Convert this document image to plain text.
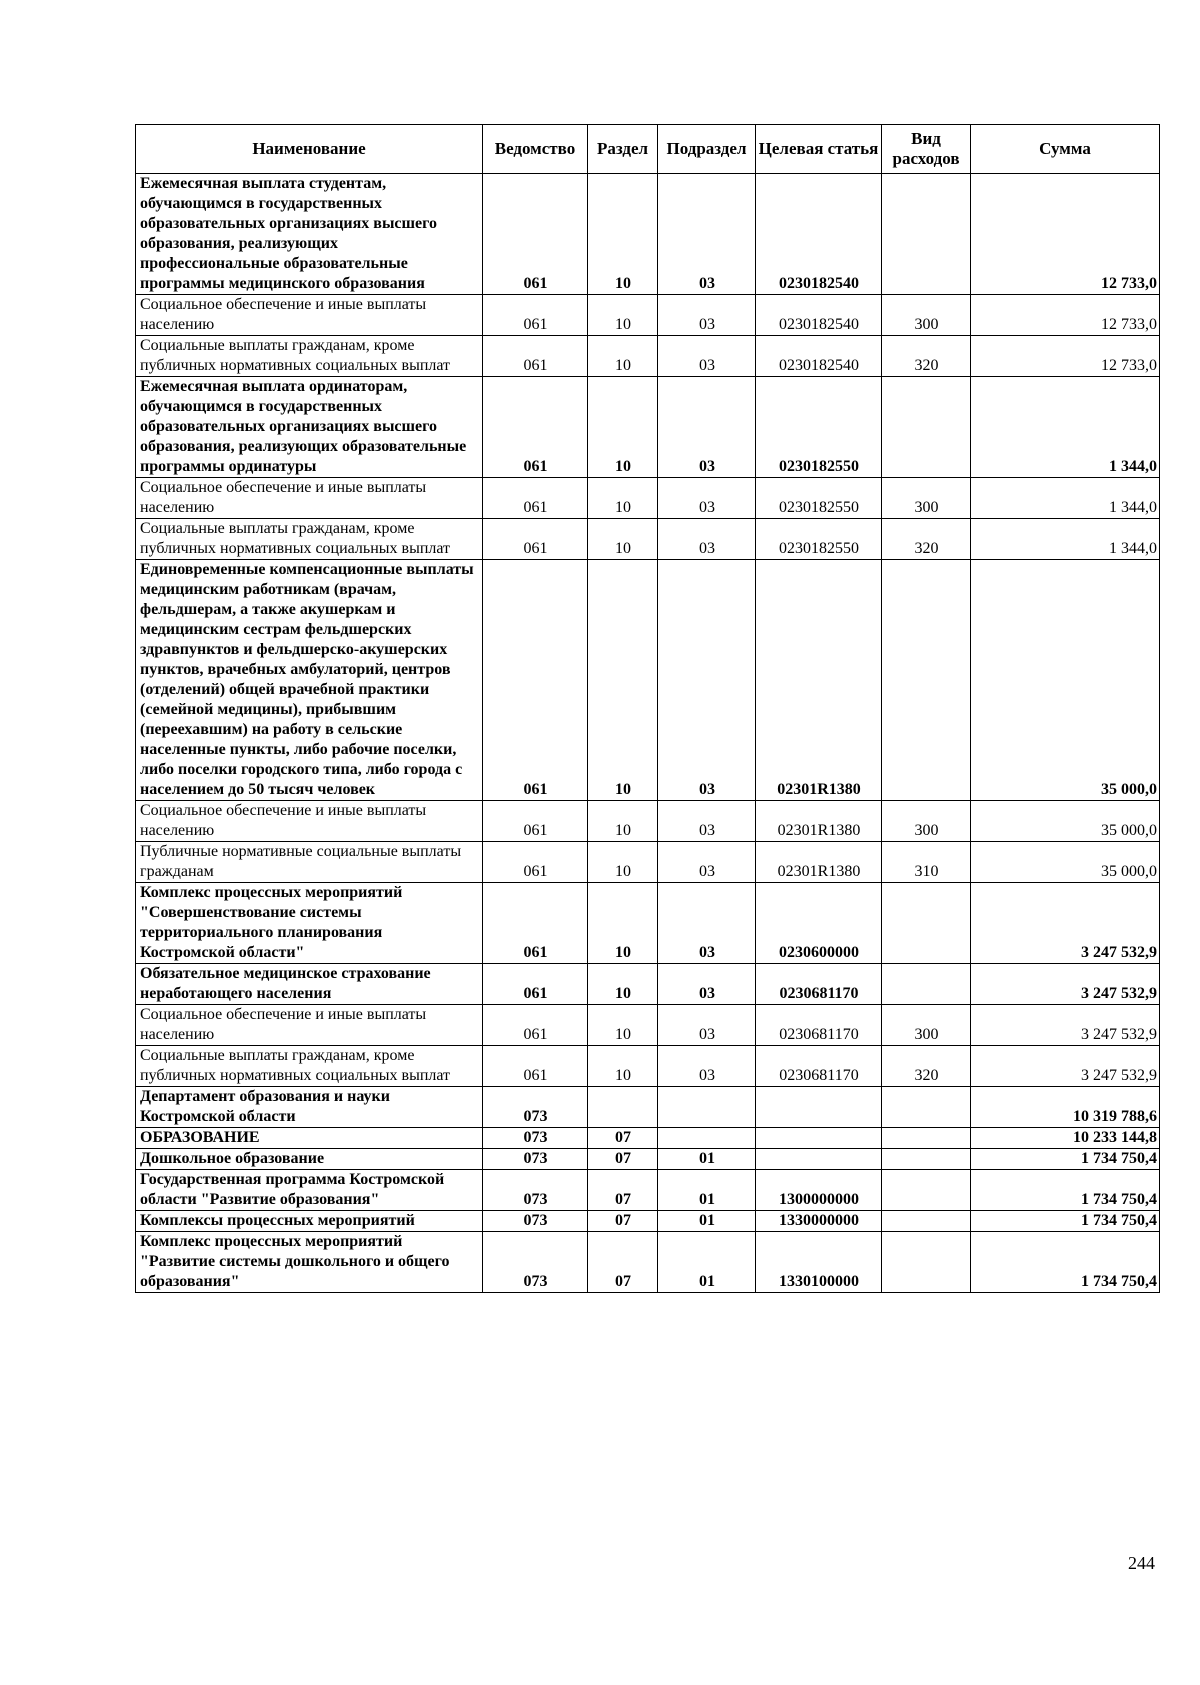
Наименование	Ведомство	Раздел	Подраздел	Целевая статья	Вид расходов	Сумма
Ежемесячная выплата студентам, обучающимся в государственных образовательных организациях высшего образования, реализующих профессиональные образовательные программы медицинского образования	061	10	03	0230182540		12 733,0
Социальное обеспечение и иные выплаты населению	061	10	03	0230182540	300	12 733,0
Социальные выплаты гражданам, кроме публичных нормативных социальных выплат	061	10	03	0230182540	320	12 733,0
Ежемесячная выплата ординаторам, обучающимся в государственных образовательных организациях высшего образования, реализующих образовательные программы ординатуры	061	10	03	0230182550		1 344,0
Социальное обеспечение и иные выплаты населению	061	10	03	0230182550	300	1 344,0
Социальные выплаты гражданам, кроме публичных нормативных социальных выплат	061	10	03	0230182550	320	1 344,0
Единовременные компенсационные выплаты медицинским работникам (врачам, фельдшерам, а также акушеркам и медицинским сестрам фельдшерских здравпунктов и фельдшерско-акушерских пунктов, врачебных амбулаторий, центров (отделений) общей врачебной практики (семейной медицины), прибывшим (переехавшим) на работу в сельские населенные пункты, либо рабочие поселки, либо поселки городского типа, либо города с населением до 50 тысяч человек	061	10	03	02301R1380		35 000,0
Социальное обеспечение и иные выплаты населению	061	10	03	02301R1380	300	35 000,0
Публичные нормативные социальные выплаты гражданам	061	10	03	02301R1380	310	35 000,0
Комплекс процессных мероприятий "Совершенствование системы территориального планирования Костромской области"	061	10	03	0230600000		3 247 532,9
Обязательное медицинское страхование неработающего населения	061	10	03	0230681170		3 247 532,9
Социальное обеспечение и иные выплаты населению	061	10	03	0230681170	300	3 247 532,9
Социальные выплаты гражданам, кроме публичных нормативных социальных выплат	061	10	03	0230681170	320	3 247 532,9
Департамент образования и науки Костромской области	073					10 319 788,6
ОБРАЗОВАНИЕ	073	07				10 233 144,8
Дошкольное образование	073	07	01			1 734 750,4
Государственная программа Костромской области "Развитие образования"	073	07	01	1300000000		1 734 750,4
Комплексы процессных мероприятий	073	07	01	1330000000		1 734 750,4
Комплекс процессных мероприятий "Развитие системы дошкольного и общего образования"	073	07	01	1330100000		1 734 750,4
244
